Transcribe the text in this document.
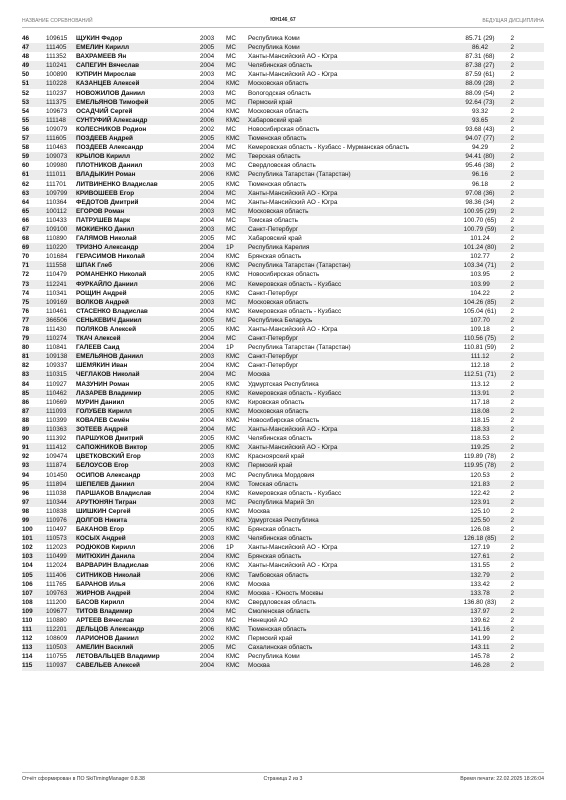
НАЗВАНИЕ СОРЕВНОВАНИЙ	ЮН146_67	ВЕДУЩАЯ ДИСЦИПЛИНА
46	109615	ЩУКИН Федор	2003	МС	Республика Коми	85.71 (29)	2
47	111405	ЕМЕЛИН Кирилл	2005	МС	Республика Коми	86.42	2
48	111352	ВАХРАМЕЕВ Ян	2004	МС	Ханты-Мансийский АО - Югра	87.31 (68)	2
49	110241	САПЕГИН Вячеслав	2004	МС	Челябинская область	87.38 (27)	2
50	100890	КУПРИН Мирослав	2003	МС	Ханты-Мансийский АО - Югра	87.59 (61)	2
51	110228	КАЗАНЦЕВ Алексей	2004	КМС	Московская область	88.09 (28)	2
52	110237	НОВОЖИЛОВ Даниил	2003	МС	Вологодская область	88.09 (54)	2
53	111375	ЕМЕЛЬЯНОВ Тимофей	2005	МС	Пермский край	92.64 (73)	2
54	109673	ОСАДЧИЙ Сергей	2004	КМС	Московская область	93.32	2
55	111148	СУНТУФИЙ Александр	2006	КМС	Хабаровский край	93.65	2
56	109079	КОЛЕСНИКОВ Родион	2002	МС	Новосибирская область	93.68 (43)	2
57	111605	ПОЗДЕЕВ Андрей	2005	КМС	Тюменская область	94.07 (77)	2
58	110463	ПОЗДЕЕВ Александр	2004	МС	Кемеровская область - Кузбасс - Мурманская область	94.29	2
59	109073	КРЫЛОВ Кирилл	2002	МС	Тверская область	94.41 (80)	2
60	109980	ПЛОТНИКОВ Даниил	2003	МС	Свердловская область	95.46 (38)	2
61	111011	ВЛАДЫКИН Роман	2006	КМС	Республика Татарстан (Татарстан)	96.16	2
62	111701	ЛИТВИНЕНКО Владислав	2005	КМС	Тюменская область	96.18	2
63	109799	КРИВОШЕЕВ Егор	2004	МС	Ханты-Мансийский АО - Югра	97.08 (36)	2
64	110364	ФЕДОТОВ Дмитрий	2004	МС	Ханты-Мансийский АО - Югра	98.36 (34)	2
65	100112	ЕГОРОВ Роман	2003	МС	Московская область	100.95 (29)	2
66	110433	ПАТРУШЕВ Марк	2004	МС	Томская область	100.70 (65)	2
67	109100	МОКИЕНКО Данил	2003	МС	Санкт-Петербург	100.79 (59)	2
68	110890	ГАЛЯМОВ Николай	2005	МС	Хабаровский край	101.24	2
69	110220	ТРИЗНО Александр	2004	1Р	Республика Карелия	101.24 (80)	2
70	101684	ГЕРАСИМОВ Николай	2004	КМС	Брянская область	102.77	2
71	111558	ШПАК Глеб	2006	КМС	Республика Татарстан (Татарстан)	103.34 (71)	2
72	110479	РОМАНЕНКО Николай	2005	КМС	Новосибирская область	103.95	2
73	112241	ФУРКАЙЛО Даниил	2006	МС	Кемеровская область - Кузбасс	103.99	2
74	110341	РОЩИН Андрей	2005	КМС	Санкт-Петербург	104.22	2
75	109169	ВОЛКОВ Андрей	2003	МС	Московская область	104.26 (85)	2
76	110461	СТАСЕНКО Владислав	2004	КМС	Кемеровская область - Кузбасс	105.04 (61)	2
77	366506	СЕНЬКЕВИЧ Даниил	2005	МС	Республика Беларусь	107.70	2
78	111430	ПОЛЯКОВ Алексей	2005	КМС	Ханты-Мансийский АО - Югра	109.18	2
79	110274	ТКАЧ Алексей	2004	МС	Санкт-Петербург	110.56 (75)	2
80	110841	ГАЛЕЕВ Саид	2004	1Р	Республика Татарстан (Татарстан)	110.81 (59)	2
81	109138	ЕМЕЛЬЯНОВ Даниил	2003	КМС	Санкт-Петербург	111.12	2
82	109337	ШЕМЯКИН Иван	2004	КМС	Санкт-Петербург	112.18	2
83	110315	ЧЕГЛАКОВ Николай	2004	МС	Москва	112.51 (71)	2
84	110927	МАЗУНИН Роман	2005	КМС	Удмуртская Республика	113.12	2
85	110462	ЛАЗАРЕВ Владимир	2005	КМС	Кемеровская область - Кузбасс	113.91	2
86	110669	МУРИН Даниил	2005	КМС	Кировская область	117.18	2
87	111093	ГОЛУБЕВ Кирилл	2005	КМС	Московская область	118.08	2
88	110399	КОВАЛЕВ Семён	2004	КМС	Новосибирская область	118.15	2
89	110363	ЗОТЕЕВ Андрей	2004	МС	Ханты-Мансийский АО - Югра	118.33	2
90	111392	ПАРШУКОВ Дмитрий	2005	КМС	Челябинская область	118.53	2
91	111412	САПОЖНИКОВ Виктор	2005	КМС	Ханты-Мансийский АО - Югра	119.25	2
92	109474	ЦВЕТКОВСКИЙ Егор	2003	КМС	Красноярский край	119.89 (78)	2
93	111874	БЕЛОУСОВ Егор	2003	КМС	Пермский край	119.95 (78)	2
94	101450	ОСИПОВ Александр	2003	МС	Республика Мордовия	120.53	2
95	111894	ШЕПЕЛЕВ Даниил	2004	КМС	Томская область	121.83	2
96	111038	ПАРШАКОВ Владислав	2004	КМС	Кемеровская область - Кузбасс	122.42	2
97	110344	АРУТЮНЯН Тигран	2003	МС	Республика Марий Эл	123.91	2
98	110838	ШИШКИН Сергей	2005	КМС	Москва	125.10	2
99	110976	ДОЛГОВ Никита	2005	КМС	Удмуртская Республика	125.50	2
100	110497	БАКАНОВ Егор	2005	КМС	Брянская область	126.08	2
101	110573	КОСЫХ Андрей	2003	КМС	Челябинская область	126.18 (85)	2
102	112023	РОДЮКОВ Кирилл	2006	1Р	Ханты-Мансийский АО - Югра	127.19	2
103	110499	МИТЮХИН Данила	2004	КМС	Брянская область	127.61	2
104	112024	ВАРВАРИН Владислав	2006	КМС	Ханты-Мансийский АО - Югра	131.55	2
105	111406	СИТНИКОВ Николай	2006	КМС	Тамбовская область	132.79	2
106	111765	БАРАНОВ Илья	2006	КМС	Москва	133.42	2
107	109763	ЖИРНОВ Андрей	2004	КМС	Москва - Юность Москвы	133.78	2
108	111200	БАСОВ Кирилл	2004	КМС	Свердловская область	136.80 (83)	2
109	109677	ТИТОВ Владимир	2004	МС	Смоленская область	137.97	2
110	110880	АРТЕЕВ Вячеслав	2003	МС	Ненецкий АО	139.62	2
111	112201	ДЕЛЬЦОВ Александр	2006	КМС	Тюменская область	141.16	2
112	108609	ЛАРИОНОВ Даниил	2002	КМС	Пермский край	141.99	2
113	110503	АМЕЛИН Василий	2005	МС	Сахалинская область	143.11	2
114	110755	ЛЕТОВАЛЬЦЕВ Владимир	2004	КМС	Республика Коми	145.78	2
115	110937	САВЕЛЬЕВ Алексей	2004	КМС	Москва	146.28	2
Отчёт сформирован в ПО SkiTimingManager 0.8.38	Страница 2 из 3	Время печати: 22.02.2025 18:26:04
